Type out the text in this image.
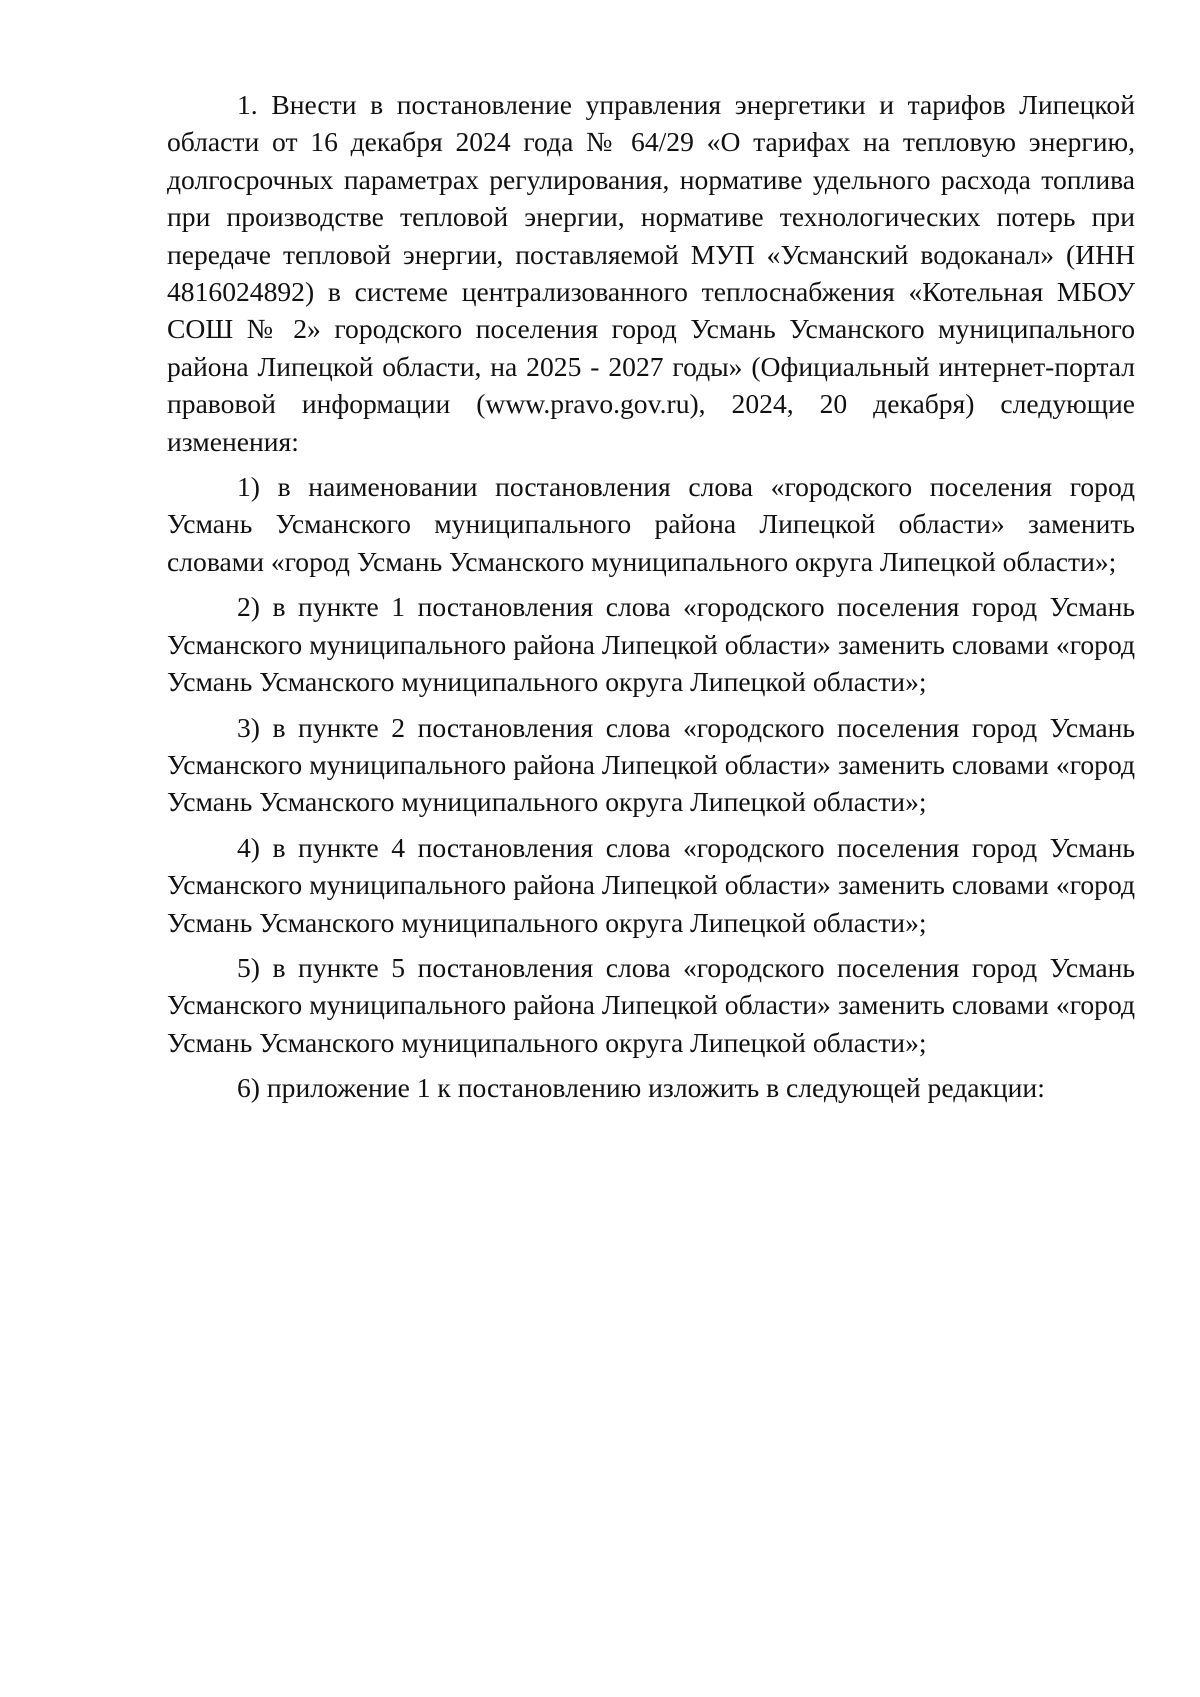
1. Внести в постановление управления энергетики и тарифов Липецкой области от 16 декабря 2024 года № 64/29 «О тарифах на тепловую энергию, долгосрочных параметрах регулирования, нормативе удельного расхода топлива при производстве тепловой энергии, нормативе технологических потерь при передаче тепловой энергии, поставляемой МУП «Усманский водоканал» (ИНН 4816024892) в системе централизованного теплоснабжения «Котельная МБОУ СОШ № 2» городского поселения город Усмань Усманского муниципального района Липецкой области, на 2025 - 2027 годы» (Официальный интернет-портал правовой информации (www.pravo.gov.ru), 2024, 20 декабря) следующие изменения:

1) в наименовании постановления слова «городского поселения город Усмань Усманского муниципального района Липецкой области» заменить словами «город Усмань Усманского муниципального округа Липецкой области»;

2) в пункте 1 постановления слова «городского поселения город Усмань Усманского муниципального района Липецкой области» заменить словами «город Усмань Усманского муниципального округа Липецкой области»;

3) в пункте 2 постановления слова «городского поселения город Усмань Усманского муниципального района Липецкой области» заменить словами «город Усмань Усманского муниципального округа Липецкой области»;

4) в пункте 4 постановления слова «городского поселения город Усмань Усманского муниципального района Липецкой области» заменить словами «город Усмань Усманского муниципального округа Липецкой области»;

5) в пункте 5 постановления слова «городского поселения город Усмань Усманского муниципального района Липецкой области» заменить словами «город Усмань Усманского муниципального округа Липецкой области»;

6) приложение 1 к постановлению изложить в следующей редакции:
